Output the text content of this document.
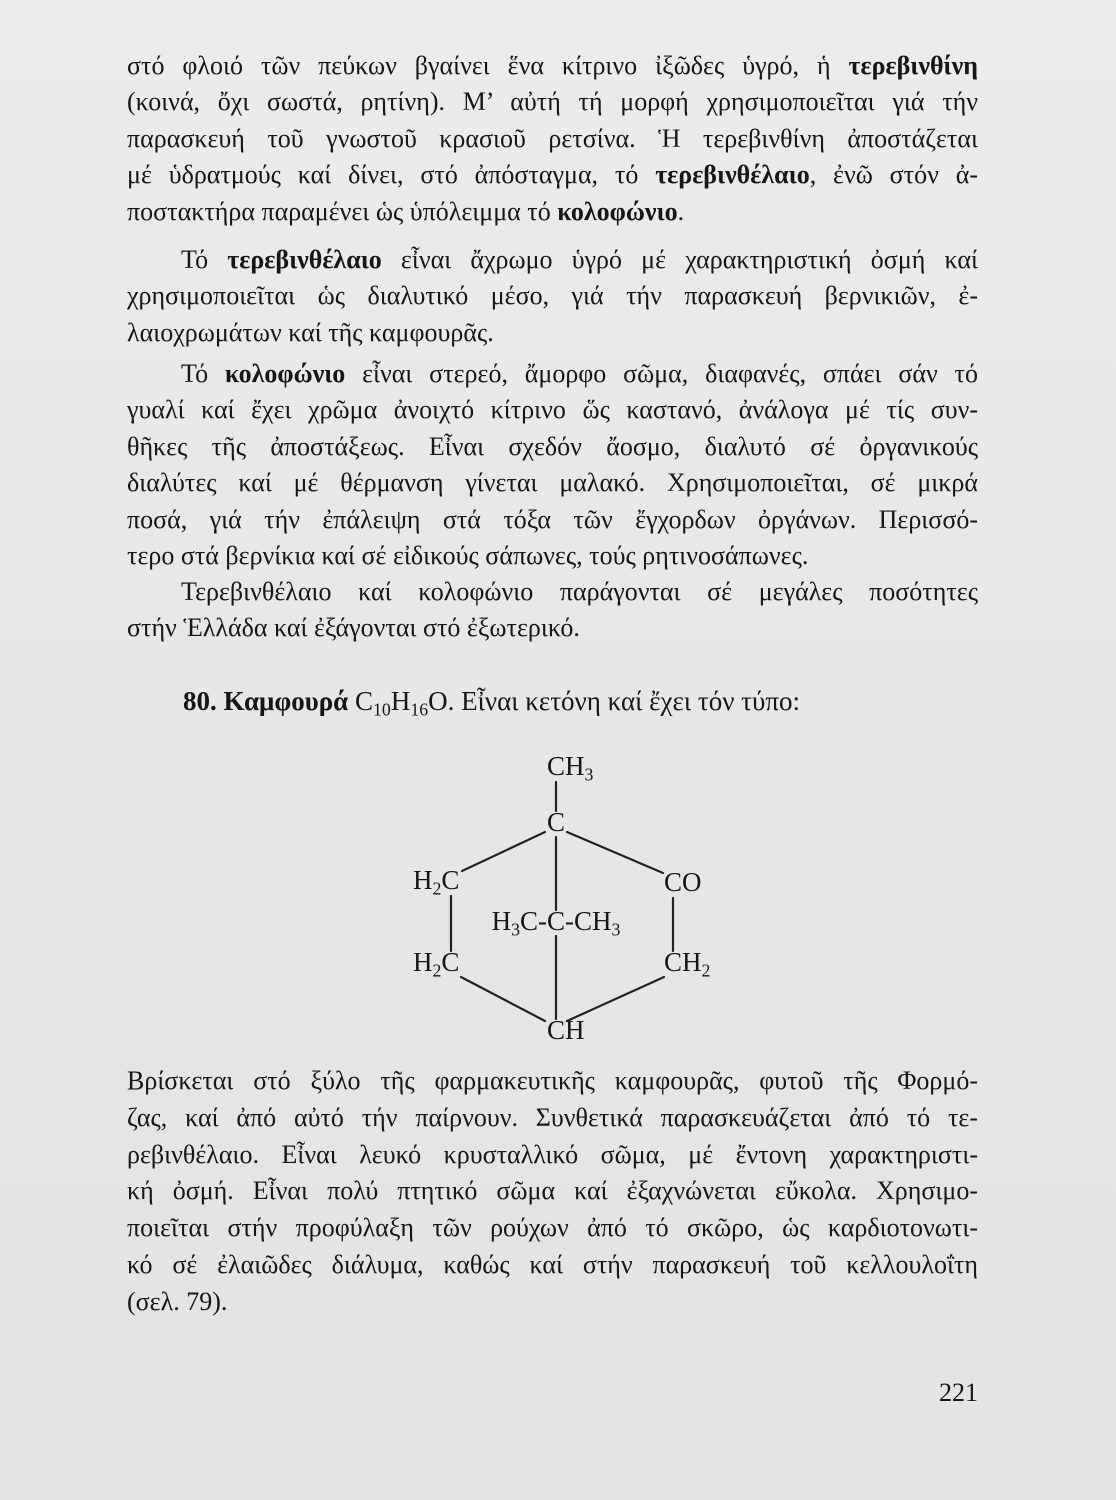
στό φλοιό τῶν πεύκων βγαίνει ἕνα κίτρινο ἰξῶδες ὑγρό, ἡ τερεβινθίνη
(κοινά, ὄχι σωστά, ρητίνη). Μ’ αὐτή τή μορφή χρησιμοποιεῖται γιά τήν
παρασκευή τοῦ γνωστοῦ κρασιοῦ ρετσίνα. Ἡ τερεβινθίνη ἀποστάζεται
μέ ὑδρατμούς καί δίνει, στό ἀπόσταγμα, τό τερεβινθέλαιο, ἐνῶ στόν ἀ-
ποστακτήρα παραμένει ὡς ὑπόλειμμα τό κολοφώνιο.
Τό τερεβινθέλαιο εἶναι ἄχρωμο ὑγρό μέ χαρακτηριστική ὀσμή καί
χρησιμοποιεῖται ὡς διαλυτικό μέσο, γιά τήν παρασκευή βερνικιῶν, ἐ-
λαιοχρωμάτων καί τῆς καμφουρᾶς.
Τό κολοφώνιο εἶναι στερεό, ἄμορφο σῶμα, διαφανές, σπάει σάν τό
γυαλί καί ἔχει χρῶμα ἀνοιχτό κίτρινο ὥς καστανό, ἀνάλογα μέ τίς συν-
θῆκες τῆς ἀποστάξεως. Εἶναι σχεδόν ἄοσμο, διαλυτό σέ ὀργανικούς
διαλύτες καί μέ θέρμανση γίνεται μαλακό. Χρησιμοποιεῖται, σέ μικρά
ποσά, γιά τήν ἐπάλειψη στά τόξα τῶν ἔγχορδων ὀργάνων. Περισσό-
τερο στά βερνίκια καί σέ εἰδικούς σάπωνες, τούς ρητινοσάπωνες.
Τερεβινθέλαιο καί κολοφώνιο παράγονται σέ μεγάλες ποσότητες
στήν Ἑλλάδα καί ἐξάγονται στό ἐξωτερικό.
80. Καμφουρά $C_{10}H_{16}O$. Εἶναι κετόνη καί ἔχει τόν τύπο:
$CH_3$
C
$H_2C$	CO
$H_3C-C-CH_3$
$H_2C$	$CH_2$
CH
Βρίσκεται στό ξύλο τῆς φαρμακευτικῆς καμφουρᾶς, φυτοῦ τῆς Φορμό-
ζας, καί ἀπό αὐτό τήν παίρνουν. Συνθετικά παρασκευάζεται ἀπό τό τε-
ρεβινθέλαιο. Εἶναι λευκό κρυσταλλικό σῶμα, μέ ἔντονη χαρακτηριστι-
κή ὀσμή. Εἶναι πολύ πτητικό σῶμα καί ἐξαχνώνεται εὔκολα. Χρησιμο-
ποιεῖται στήν προφύλαξη τῶν ρούχων ἀπό τό σκῶρο, ὡς καρδιοτονωτι-
κό σέ ἐλαιῶδες διάλυμα, καθώς καί στήν παρασκευή τοῦ κελλουλοΐτη
(σελ. 79).
221
